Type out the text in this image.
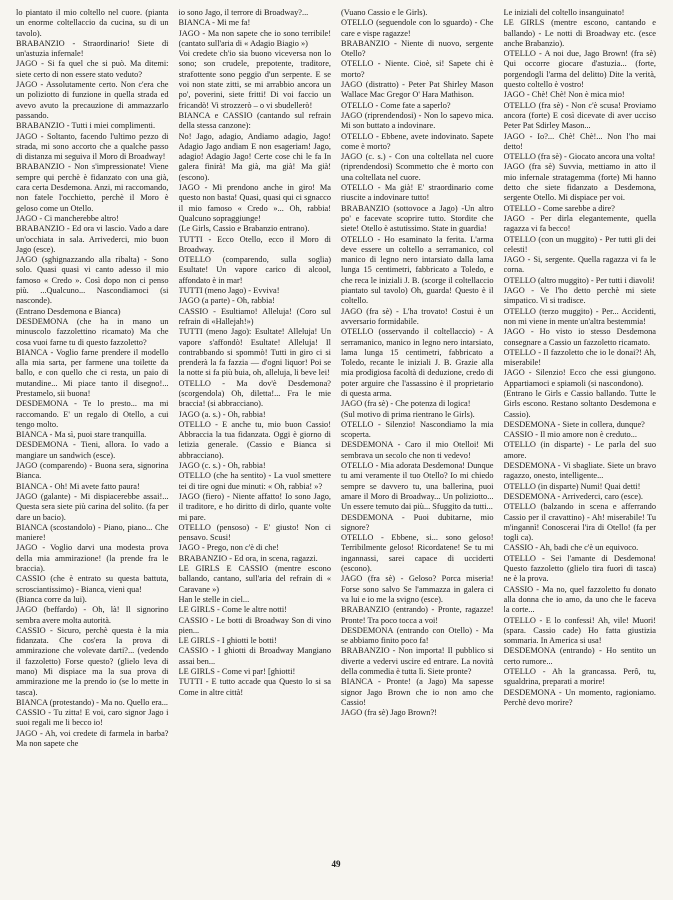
lo piantato il mio coltello nel cuore. (pianta un enorme coltellaccio da cucina, su di un tavolo).

BRABANZIO - Straordinario! Siete di un'astuzia infernale!

JAGO - Si fa quel che si può. Ma ditemi: siete certo di non essere stato veduto?

JAGO - Assolutamente certo. Non c'era che un poliziotto di funzione in quella strada ed avevo avuto la precauzione di ammazzarlo passando.

BRABANZIO - Tutti i miei complimenti.

JAGO - Soltanto, facendo l'ultimo pezzo di strada, mi sono accorto che a qualche passo di distanza mi seguiva il Moro di Broadway!

BRABANZIO - Non s'impressionate! Viene sempre qui perchè è fidanzato con una già, cara certa Desdemona. Anzi, mi raccomando, non fatele l'occhietto, perchè il Moro è geloso come un Otello.

JAGO - Ci mancherebbe altro!

BRABANZIO - Ed ora vi lascio. Vado a dare un'occhiata in sala. Arrivederci, mio buon Jago (esce).

JAGO (sghignazzando alla ribalta) - Sono solo. Quasi quasi vi canto adesso il mio famoso « Credo ». Così dopo non ci penso più. ...Qualcuno... Nascondiamoci (si nasconde).

(Entrano Desdemona e Bianca)

DESDEMONA (che ha in mano un minuscolo fazzolettino ricamato) Ma che cosa vuoi farne tu di questo fazzoletto?

BIANCA - Voglio farne prendere il modello alla mia sarta, per farmene una toilette da ballo, e con quello che ci resta, un paio di mutandine... Mi piace tanto il disegno!... Prestamelo, sii buona!

DESDEMONA - Te lo presto... ma mi raccomando. E' un regalo di Otello, a cui tengo molto.

BIANCA - Ma sì, puoi stare tranquilla.

DESDEMONA - Tieni, allora. Io vado a mangiare un sandwich (esce).

JAGO (comparendo) - Buona sera, signorina Bianca.

BIANCA - Oh! Mi avete fatto paura!

JAGO (galante) - Mi dispiacerebbe assai!... Questa sera siete più carina del solito. (fa per dare un bacio).

BIANCA (scostandolo) - Piano, piano... Che maniere!

JAGO - Voglio darvi una modesta prova della mia ammirazione! (la prende fra le braccia).

CASSIO (che è entrato su questa battuta, scrosciantissimo) - Bianca, vieni qua!

(Bianca corre da lui).

JAGO (beffardo) - Oh, là! Il signorino sembra avere molta autorità.

CASSIO - Sicuro, perchè questa è la mia fidanzata. Che cos'era la prova di ammirazione che volevate darti?... (vedendo il fazzoletto) Forse questo? (glielo leva di mano) Mi dispiace ma la sua prova di ammirazione me la prendo io (se lo mette in tasca).

BIANCA (protestando) - Ma no. Quello era...

CASSIO - Tu zitta! E voi, caro signor Jago i suoi regali me li becco io!

JAGO - Ah, voi credete di farmela in barba? Ma non sapete che

io sono Jago, il terrore di Broadway?...

BIANCA - Mi me fa!

JAGO - Ma non sapete che io sono terribile! (cantato sull'aria di « Adagio Biagio »)

Voi credete ch'io sia buono viceversa non lo sono; son crudele, prepotente, traditore, strafottente sono peggio d'un serpente. E se voi non state zitti, se mi arrabbio ancora un po', poverini, siete fritti! Di voi faccio un fricandò! Vi strozzerò – o vi sbudellerò!

BIANCA e CASSIO (cantando sul refrain della stessa canzone):

No! Jago, adagio, Andiamo adagio, Jago! Adagio Jago andiam E non esageriam! Jago, adagio! Adagio Jago! Certe cose chi le fa In galera finirà! Ma già, ma già! Ma già! (escono).

JAGO - Mi prendono anche in giro! Ma questo non basta! Quasi, quasi qui ci sgnacco il mio famoso « Credo »... Oh, rabbia! Qualcuno sopraggiunge!

(Le Girls, Cassio e Brabanzio entrano).

TUTTI - Ecco Otello, ecco il Moro di Broadway.

OTELLO (comparendo, sulla soglia) Esultate! Un vapore carico di alcool, affondato è in mar!

TUTTI (meno Jago) - Evviva!

JAGO (a parte) - Oh, rabbia!

CASSIO - Esultiamo! Alleluja! (Coro sul refrain di «Hallejah!»)

TUTTI (meno Jago): Esultate! Alleluja! Un vapore s'affondò! Esultate! Alleluja! Il contrabbando si spommò! Tutti in giro ci si prenderà la fa fazzia — d'ogni liquor! Poi se la notte si fa più buia, oh, alleluja, li beve lei!

OTELLO - Ma dov'è Desdemona? (scorgendola) Oh, diletta!... Fra le mie braccia! (si abbracciano).

JAGO (a. s.) - Oh, rabbia!

OTELLO - E anche tu, mio buon Cassio! Abbraccia la tua fidanzata. Oggi è giorno di letizia generale. (Cassio e Bianca si abbracciano).

JAGO (c. s.) - Oh, rabbia!

OTELLO (che ha sentito) - La vuol smettere tei di tire ogni due minuti: « Oh, rabbia! »?

JAGO (fiero) - Niente affatto! Io sono Jago, il traditore, e ho diritto di dirlo, quante volte mi pare.

OTELLO (pensoso) - E' giusto! Non ci pensavo. Scusi!

JAGO - Prego, non c'è di che!

BRABANZIO - Ed ora, in scena, ragazzi.

LE GIRLS E CASSIO (mentre escono ballando, cantano, sull'aria del refrain di « Caravane »)

Han le stelle in ciel...

LE GIRLS - Come le altre notti!

CASSIO - Le botti di Broadway Son di vino pien...

LE GIRLS - I ghiotti le botti!

CASSIO - I ghiotti di Broadway Mangiano assai ben...

LE GIRLS - Come vi par! [ghiotti!

TUTTI - E tutto accade qua Questo lo si sa Come in altre città!

(Vuano Cassio e le Girls).

OTELLO (seguendole con lo sguardo) - Che care e vispe ragazze!

BRABANZIO - Niente di nuovo, sergente Otello?

OTELLO - Niente. Cioè, si! Sapete chi è morto?

JAGO (distratto) - Peter Pat Shirley Mason Wallace Mac Gregor O' Hara Mathison.

OTELLO - Come fate a saperlo?

JAGO (riprendendosi) - Non lo sapevo mica. Mi son buttato a indovinare.

OTELLO - Ebbene, avete indovinato. Sapete come è morto?

JAGO (c. s.) - Con una coltellata nel cuore (riprendendosi) Scommetto che è morto con una coltellata nel cuore.

OTELLO - Ma già! E' straordinario come riuscite a indovinare tutto!

BRABANZIO (sottovoce a Jago) -Un altro po' e facevate scoprire tutto. Stordite che siete! Otello è astutissimo. State in guardia!

OTELLO - Ho esaminato la ferita. L'arma deve essere un coltello a serramanico, col manico di legno nero intarsiato dalla lama lunga 15 centimetri, fabbricato a Toledo, e che reca le iniziali J. B. (scorge il coltellaccio piantato sul tavolo) Oh, guarda! Questo è il coltello.

JAGO (fra sè) - L'ha trovato! Costui è un avversario formidabile.

OTELLO (osservando il coltellaccio) - A serramanico, manico in legno nero intarsiato, lama lunga 15 centimetri, fabbricato a Toledo, recante le iniziali J. B. Grazie alla mia prodigiosa facoltà di deduzione, credo di poter arguire che l'assassino è il proprietario di questa arma.

JAGO (fra sè) - Che potenza di logica!

(Sul motivo di prima rientrano le Girls).

OTELLO - Silenzio! Nascondiamo la mia scoperta.

DESDEMONA - Caro il mio Otelloi! Mi sembrava un secolo che non ti vedevo!

OTELLO - Mia adorata Desdemona! Dunque tu ami veramente il tuo Otello? Io mi chiedo sempre se davvero tu, una ballerina, puoi amare il Moro di Broadway... Un poliziotto... Un essere temuto dai più... Sfuggito da tutti...

DESDEMONA - Puoi dubitarne, mio signore?

OTELLO - Ebbene, si... sono geloso! Terribilmente geloso! Ricordatene! Se tu mi ingannassi, sarei capace di ucciderti (escono).

JAGO (fra sè) - Geloso? Porca miseria! Forse sono salvo Se l'ammazza in galera ci va lui e io me la svigno (esce).

BRABANZIO (entrando) - Pronte, ragazze! Pronte! Tra poco tocca a voi!

DESDEMONA (entrando con Otello) - Ma se abbiamo finito poco fa!

BRABANZIO - Non importa! Il pubblico si diverte a vedervi uscire ed entrare. La novità della commedia è tutta lì. Siete pronte?

BIANCA - Pronte! (a Jago) Ma sapesse signor Jago Brown che io non amo che Cassio!

JAGO (fra sè) Jago Brown?!

Le iniziali del coltello insanguinato!

LE GIRLS (mentre escono, cantando e ballando) - Le notti di Broadway etc. (esce anche Brabanzio).

OTELLO - A noi due, Jago Brown! (fra sè) Qui occorre giocare d'astuzia... (forte, porgendogli l'arma del delitto) Dite la verità, questo coltello è vostro!

JAGO - Chè! Chè! Non è mica mio!

OTELLO (fra sè) - Non c'è scusa! Proviamo ancora (forte) E così dicevate di aver ucciso Peter Pat Sdirley Mason...

JAGO - Io?... Chè! Chè!... Non l'ho mai detto!

OTELLO (fra sè) - Giocato ancora una volta!

JAGO (fra sè) Suvvia, mettiamo in atto il mio infernale stratagemma (forte) Mi hanno detto che siete fidanzato a Desdemona, sergente Otello. Mi dispiace per voi.

OTELLO - Come sarebbe a dire?

JAGO - Per dirla elegantemente, quella ragazza vi fa becco!

OTELLO (con un muggito) - Per tutti gli dei celesti!

JAGO - Si, sergente. Quella ragazza vi fa le corna.

OTELLO (altro muggito) - Per tutti i diavoli!

JAGO - Ve l'ho detto perchè mi siete simpatico. Vi si tradisce.

OTELLO (terzo muggito) - Per... Accidenti, non mi viene in mente un'altra bestemmia!

JAGO - Ho visto io stesso Desdemona consegnare a Cassio un fazzoletto ricamato.

OTELLO - Il fazzoletto che io le donai?! Ah, miserabile!

JAGO - Silenzio! Ecco che essi giungono. Appartiamoci e spiamoli (si nascondono).

(Entrano le Girls e Cassio ballando. Tutte le Girls escono. Restano soltanto Desdemona e Cassio).

DESDEMONA - Siete in collera, dunque?

CASSIO - Il mio amore non è creduto...

OTELLO (in disparte) - Le parla del suo amore.

DESDEMONA - Vi sbagliate. Siete un bravo ragazzo, onesto, intelligente...

OTELLO (in disparte) Numi! Quai detti!

DESDEMONA - Arrivederci, caro (esce).

OTELLO (balzando in scena e afferrando Cassio per il cravattino) - Ah! miserabile! Tu m'ingannì! Conoscerai l'ira di Otello! (fa per togli ca).

CASSIO - Ah, badi che c'è un equivoco.

OTELLO - Sei l'amante di Desdemona! Questo fazzoletto (glielo tira fuori di tasca) ne è la prova.

CASSIO - Ma no, quel fazzoletto fu donato alla donna che io amo, da uno che le faceva la corte...

OTELLO - E lo confessi! Ah, vile! Muori! (spara. Cassio cade) Ho fatta giustizia sommaria. In America si usa!

DESDEMONA (entrando) - Ho sentito un certo rumore...

OTELLO - Ah la grancassa. Perô, tu, sgualdrina, preparati a morire!

DESDEMONA - Un momento, ragioniamo. Perchè devo morire?

49
